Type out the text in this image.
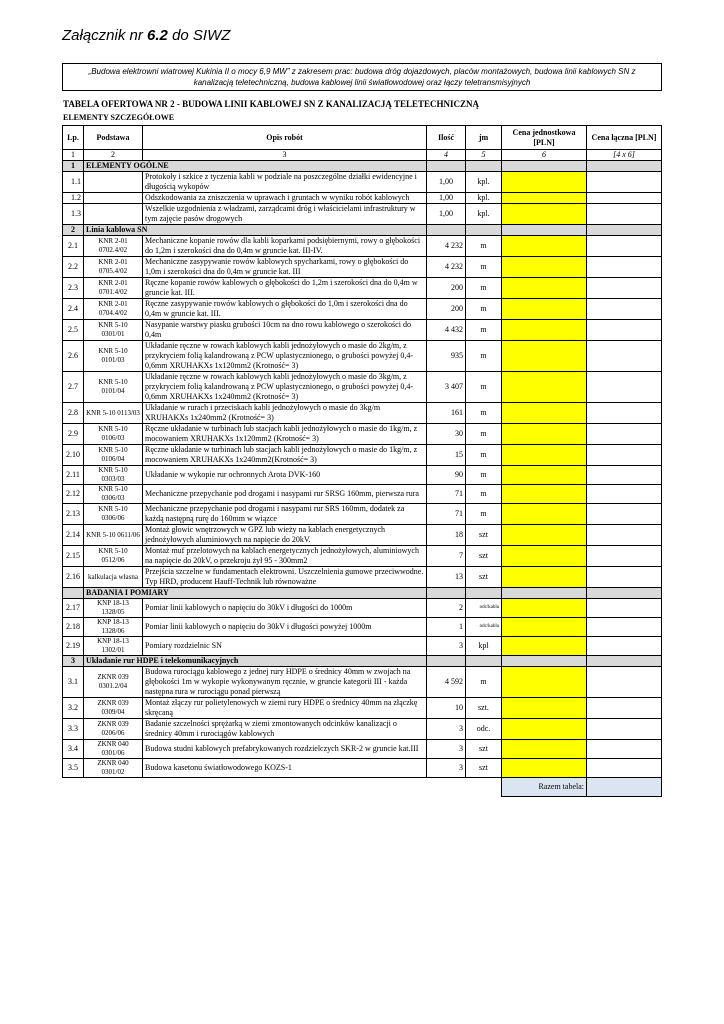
Załącznik nr 6.2 do SIWZ
„Budowa elektrowni wiatrowej Kukinia II o mocy 6,9 MW” z zakresem prac: budowa dróg dojazdowych, placów montażowych, budowa linii kablowych SN z
kanalizacją teletechniczną, budowa kablowej linii światłowodowej oraz łączy teletransmisyjnych
TABELA OFERTOWA NR 2 - BUDOWA LINII KABLOWEJ SN Z KANALIZACJĄ TELETECHNICZNĄ
ELEMENTY SZCZEGÓŁOWE
Lp.	Podstawa	Opis robót	Ilość	jm	Cena jednostkowa [PLN]	Cena łączna [PLN]
1	2	3	4	5	6	[4 x 6]
1	ELEMENTY OGÓLNE					
1.1		Protokoły i szkice z tyczenia kabli w podziale na poszczególne działki ewidencyjne i długością wykopów	1,00	kpl.		
1.2		Odszkodowania za zniszczenia w uprawach i gruntach w wyniku robót kablowych	1,00	kpl.		
1.3		Wszelkie uzgodnienia z władzami, zarządcami dróg i właścicielami infrastruktury w tym zajęcie pasów drogowych	1,00	kpl.		
2	Linia kablowa SN					
2.1	KNR 2-01 0702.4/02	Mechaniczne kopanie rowów dla kabli koparkami podsiębiernymi, rowy o głębokości do 1,2m i szerokości dna do 0,4m w gruncie kat. III-IV.	4 232	m		
2.2	KNR 2-01 0705.4/02	Mechaniczne zasypywanie rowów kablowych spycharkami, rowy o głębokości do 1,0m i szerokości dna do 0,4m w gruncie kat. III	4 232	m		
2.3	KNR 2-01 0701.4/02	Ręczne kopanie rowów kablowych o głębokości do 1,2m i szerokości dna do 0,4m w gruncie kat. III.	200	m		
2.4	KNR 2-01 0704.4/02	Ręczne zasypywanie rowów kablowych o głębokości do 1,0m i szerokości dna do 0,4m w gruncie kat. III.	200	m		
2.5	KNR 5-10 0301/01	Nasypanie warstwy piasku grubości 10cm na dno rowu kablowego o szerokości do 0,4m	4 432	m		
2.6	KNR 5-10 0101/03	Układanie ręczne w rowach kablowych kabli jednożyłowych o masie do 2kg/m, z przykryciem folią kalandrowaną z PCW uplastycznionego, o grubości powyżej 0,4-0,6mm XRUHAKXs 1x120mm2 (Krotność= 3)	935	m		
2.7	KNR 5-10 0101/04	Układanie ręczne w rowach kablowych kabli jednożyłowych o masie do 3kg/m, z przykryciem folią kalandrowaną z PCW uplastycznionego, o grubości powyżej 0,4-0,6mm XRUHAKXs 1x240mm2 (Krotność= 3)	3 407	m		
2.8	KNR 5-10 0113/03	Układanie w rurach i przeciskach kabli jednożyłowych o masie do 3kg/m XRUHAKXs 1x240mm2 (Krotność= 3)	161	m		
2.9	KNR 5-10 0106/03	Ręczne układanie w turbinach lub stacjach kabli jednożyłowych o masie do 1kg/m, z mocowaniem XRUHAKXs 1x120mm2 (Krotność= 3)	30	m		
2.10	KNR 5-10 0106/04	Ręczne układanie w turbinach lub stacjach kabli jednożyłowych o masie do 1kg/m, z mocowaniem XRUHAKXs 1x240mm2(Krotność= 3)	15	m		
2.11	KNR 5-10 0303/03	Układanie w wykopie rur ochronnych Arota DVK-160	90	m		
2.12	KNR 5-10 0306/03	Mechaniczne przepychanie pod drogami i nasypami rur SRSG 160mm, pierwsza rura	71	m		
2.13	KNR 5-10 0306/06	Mechaniczne przepychanie pod drogami i nasypami rur SRS 160mm, dodatek za każdą następną rurę do 160mm w wiązce	71	m		
2.14	KNR 5-10 0611/06	Montaż głowic wnętrzowych w GPZ lub wieży na kablach energetycznych jednożyłowych aluminiowych na napięcie do 20kV.	18	szt		
2.15	KNR 5-10 0512/06	Montaż muf przelotowych na kablach energetycznych jednożyłowych, aluminiowych na napięcie do 20kV, o przekroju żył 95 - 300mm2	7	szt		
2.16	kalkulacja własna	Przejścia szczelne w fundamentach elektrowni. Uszczelnienia gumowe przeciwwodne. Typ HRD, producent Hauff-Technik lub równoważne	13	szt		
	BADANIA I POMIARY					
2.17	KNP 18-13 1328/05	Pomiar linii kablowych o napięciu do 30kV i długości do 1000m	2	odc/kabla		
2.18	KNP 18-13 1328/06	Pomiar linii kablowych o napięciu do 30kV i długości powyżej 1000m	1	odc/kabla		
2.19	KNP 18-13 1302/01	Pomiary rozdzielnic SN	3	kpl		
3	Układanie rur HDPE i telekomunikacyjnych					
3.1	ZKNR 039 0301.2/04	Budowa rurociągu kablowego z jednej rury HDPE o średnicy 40mm w zwojach na głębokości 1m w wykopie wykonywanym ręcznie, w gruncie kategorii III - każda następna rura w rurociągu ponad pierwszą	4 592	m		
3.2	ZKNR 039 0309/04	Montaż złączy rur polietylenowych w ziemi rury HDPE o średnicy 40mm na złączkę skręcaną	10	szt.		
3.3	ZKNR 039 0206/06	Badanie szczelności sprężarką w ziemi zmontowanych odcinków kanalizacji o średnicy 40mm i rurociągów kablowych	3	odc.		
3.4	ZKNR 040 0301/06	Budowa studni kablowych prefabrykowanych rozdzielczych SKR-2 w gruncie kat.III	3	szt		
3.5	ZKNR 040 0301/02	Budowa kasetonu światłowodowego KOZS-1	3	szt		
					Razem tabela:	
